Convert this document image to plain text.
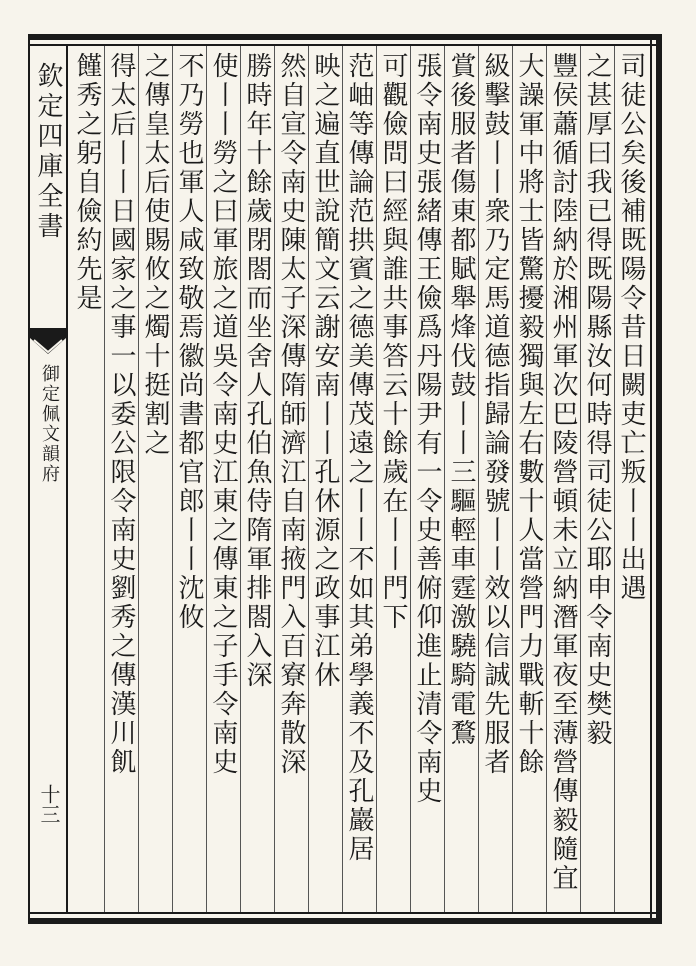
欽定四庫全書
御定佩文韻府
十三
司徒公矣後補既陽令昔日闕吏亡叛丨丨出遇
之甚厚曰我已得既陽縣汝何時得司徒公耶申令南史樊毅
豐侯蕭循討陸納於湘州軍次巴陵營頓未立納潛軍夜至薄營傳毅隨宜
大譟軍中將士皆驚擾毅獨與左右數十人當營門力戰斬十餘
級擊鼓丨丨衆乃定馬道德指歸論發號丨丨效以信誠先服者
賞後服者傷東都賦舉烽伐鼓丨丨三驅輕車霆激驍騎電鶩
張令南史張緒傳王儉爲丹陽尹有一令史善俯仰進止清令南史
可觀儉問曰經與誰共事答云十餘歲在丨丨門下
范岫等傳論范拱賓之德美傳茂遠之丨丨不如其弟學義不及孔巖居
映之遍直世說簡文云謝安南丨丨孔休源之政事江休
然自宣令南史陳太子深傳隋師濟江自南掖門入百寮奔散深
勝時年十餘歲閉閤而坐舍人孔伯魚侍隋軍排閤入深
使丨丨勞之曰軍旅之道吳令南史江東之傳東之子手令南史
不乃勞也軍人咸致敬焉徽尚書都官郎丨丨沈攸
之傳皇太后使賜攸之燭十挺割之
得太后丨丨日國家之事一以委公限令南史劉秀之傳漢川飢
饉秀之躬自儉約先是
